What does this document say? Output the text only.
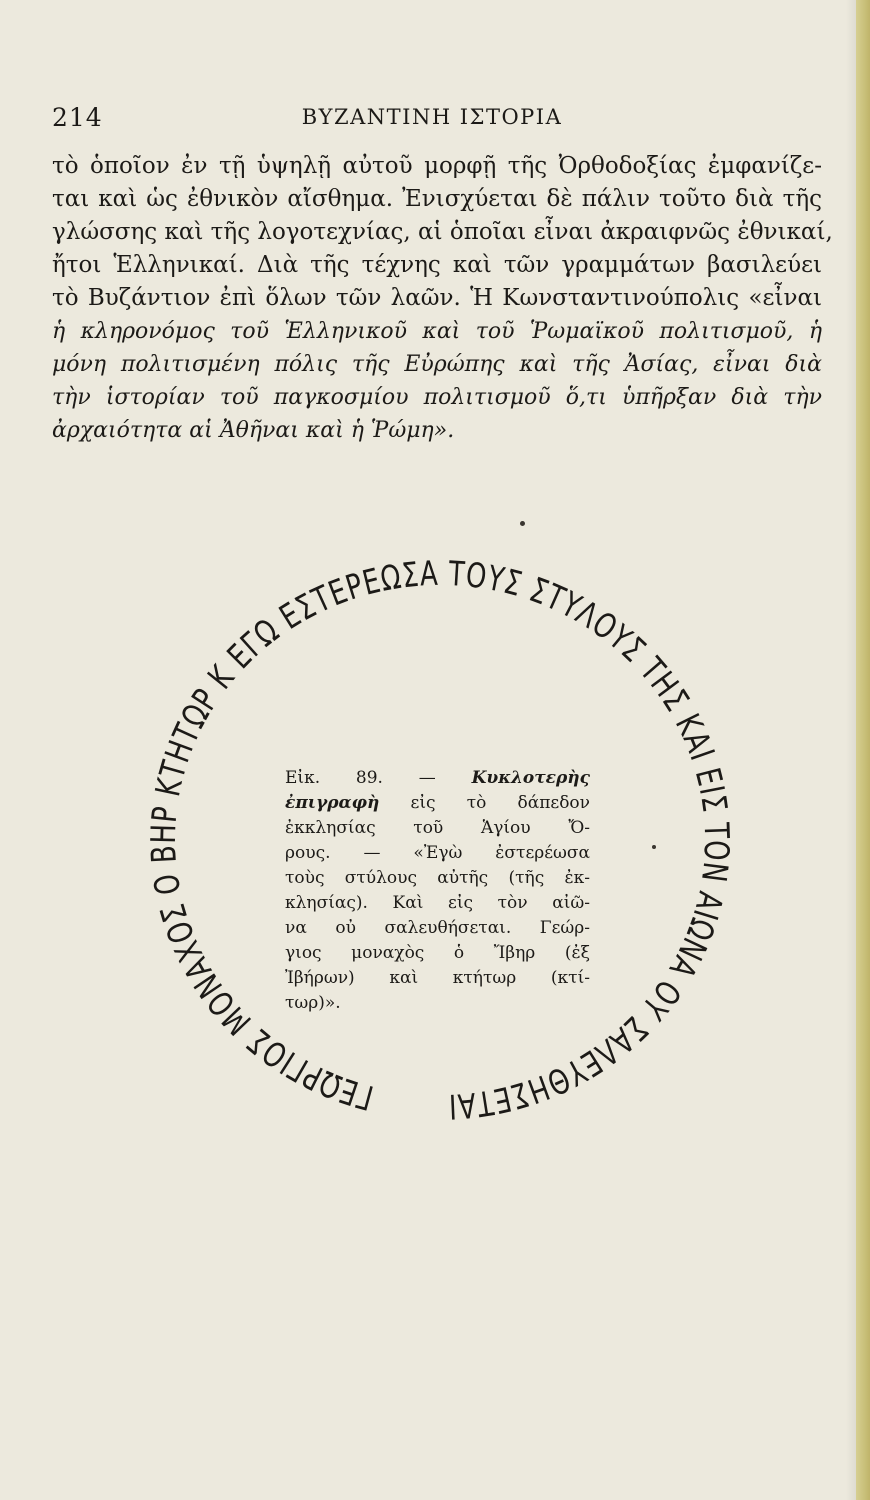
214	ΒΥΖΑΝΤΙΝΗ ΙΣΤΟΡΙΑ
τὸ ὁποῖον ἐν τῇ ὑψηλῇ αὐτοῦ μορφῇ τῆς Ὀρθοδοξίας ἐμφανίζε-
ται καὶ ὡς ἐθνικὸν αἴσθημα. Ἐνισχύεται δὲ πάλιν τοῦτο διὰ τῆς
γλώσσης καὶ τῆς λογοτεχνίας, αἱ ὁποῖαι εἶναι ἀκραιφνῶς ἐθνικαί,
ἤτοι Ἑλληνικαί. Διὰ τῆς τέχνης καὶ τῶν γραμμάτων βασιλεύει
τὸ Βυζάντιον ἐπὶ ὅλων τῶν λαῶν. Ἡ Κωνσταντινούπολις «εἶναι
ἡ κληρονόμος τοῦ Ἑλληνικοῦ καὶ τοῦ Ῥωμαϊκοῦ πολιτισμοῦ, ἡ
μόνη πολιτισμένη πόλις τῆς Εὐρώπης καὶ τῆς Ἀσίας, εἶναι διὰ
τὴν ἱστορίαν τοῦ παγκοσμίου πολιτισμοῦ ὅ,τι ὑπῆρξαν διὰ τὴν
ἀρχαιότητα αἱ Ἀθῆναι καὶ ἡ Ῥώμη».
ΓΕΩΡΓΙΟΣ ΜΟΝΑΧΟΣ Ο ΒΗΡ ΚΤΗΤΩΡ Κ ΕΓΩ ΕΣΤΕΡΕΩΣΑ ΤΟΥΣ ΣΤΥΛΟΥΣ ΤΗΣ ΚΑΙ ΕΙΣ ΤΟΝ ΑΙΩΝΑ ΟΥ ΣΑΛΕΥΘΗΣΕΤΑΙ
Εἰκ. 89. — Κυκλοτερὴς
ἐπιγραφὴ εἰς τὸ δάπεδον
ἐκκλησίας τοῦ Ἁγίου Ὄ-
ρους. — «Ἐγὼ ἐστερέωσα
τοὺς στύλους αὐτῆς (τῆς ἐκ-
κλησίας). Καὶ εἰς τὸν αἰῶ-
να οὐ σαλευθήσεται. Γεώρ-
γιος μοναχὸς ὁ Ἴβηρ (ἐξ
Ἰβήρων) καὶ κτήτωρ (κτί-
τωρ)».
